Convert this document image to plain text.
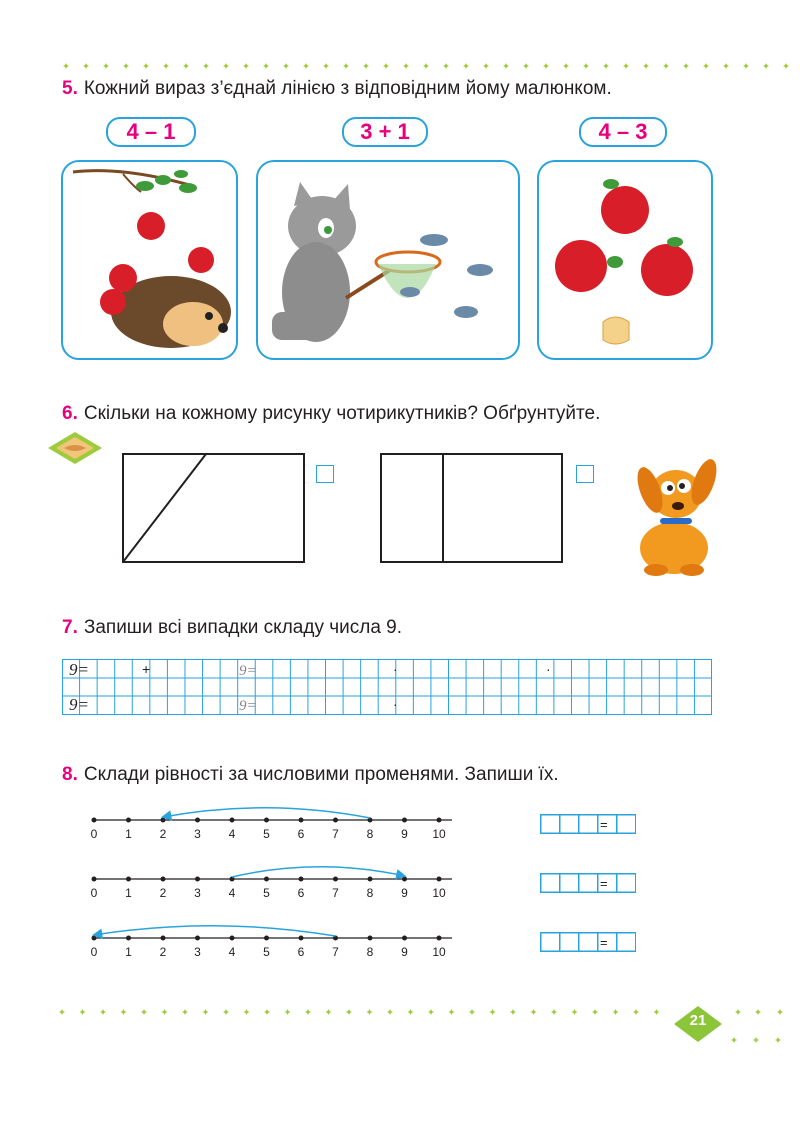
5. Кожний вираз з’єднай лінією з відповідним йому малюнком.
4 – 1	3 + 1	4 – 3
6. Скільки на кожному рисунку чотирикутників? Обґрунтуйте.
7. Запиши всі випадки складу числа 9.
9=
9=
+	9=
9=
·	·
·
8. Склади рівності за числовими променями. Запиши їх.
0 1 2 3 4 5 6 7 8 9 10
0 1 2 3 4 5 6 7 8 9 10
0 1 2 3 4 5 6 7 8 9 10
=
=
=
21
